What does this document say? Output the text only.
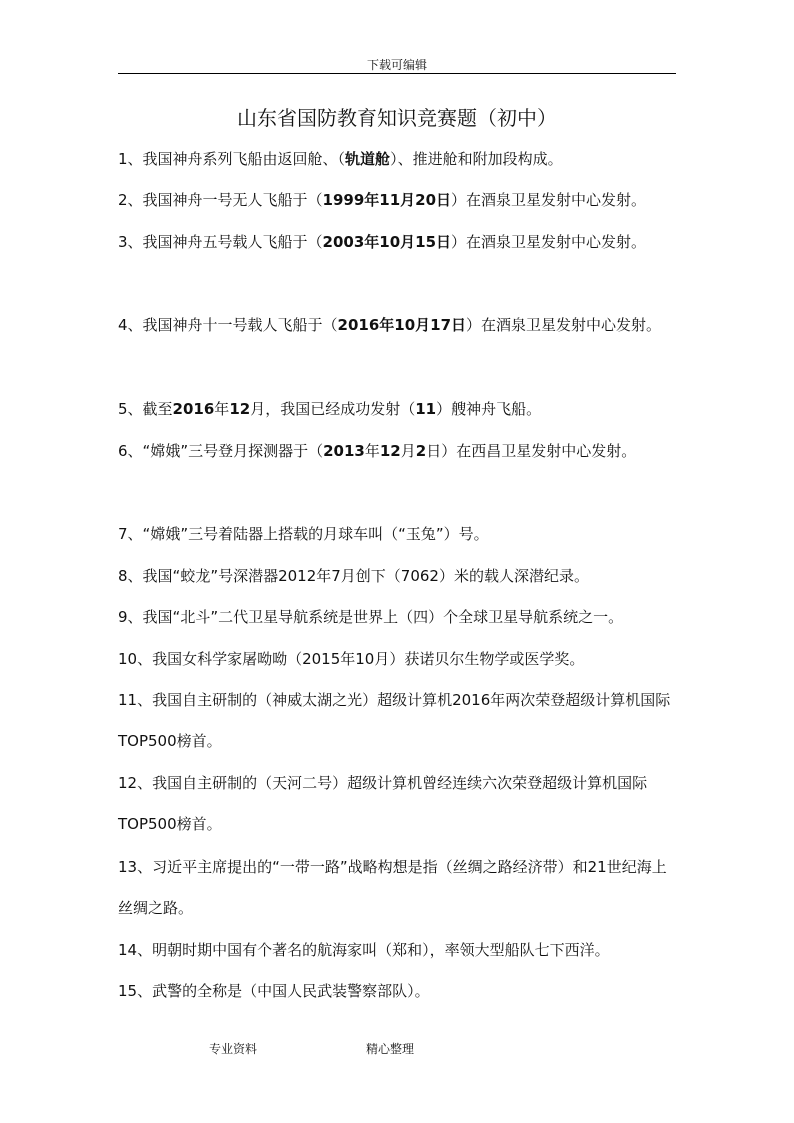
下载可编辑
山东省国防教育知识竞赛题（初中）
1、我国神舟系列飞船由返回舱、（轨道舱）、推进舱和附加段构成。
2、我国神舟一号无人飞船于（1999年11月20日）在酒泉卫星发射中心发射。
3、我国神舟五号载人飞船于（2003年10月15日）在酒泉卫星发射中心发射。
4、我国神舟十一号载人飞船于（2016年10月17日）在酒泉卫星发射中心发射。
5、截至2016年12月，我国已经成功发射（11）艘神舟飞船。
6、“嫦娥”三号登月探测器于（2013年12月2日）在西昌卫星发射中心发射。
7、“嫦娥”三号着陆器上搭载的月球车叫（“玉兔”）号。
8、我国“蛟龙”号深潜器2012年7月创下（7062）米的载人深潜纪录。
9、我国“北斗”二代卫星导航系统是世界上（四）个全球卫星导航系统之一。
10、我国女科学家屠呦呦（2015年10月）获诺贝尔生物学或医学奖。
11、我国自主研制的（神威太湖之光）超级计算机2016年两次荣登超级计算机国际TOP500榜首。
12、我国自主研制的（天河二号）超级计算机曾经连续六次荣登超级计算机国际TOP500榜首。
13、习近平主席提出的“一带一路”战略构想是指（丝绸之路经济带）和21世纪海上丝绸之路。
14、明朝时期中国有个著名的航海家叫（郑和），率领大型船队七下西洋。
15、武警的全称是（中国人民武装警察部队）。
专业资料	精心整理
